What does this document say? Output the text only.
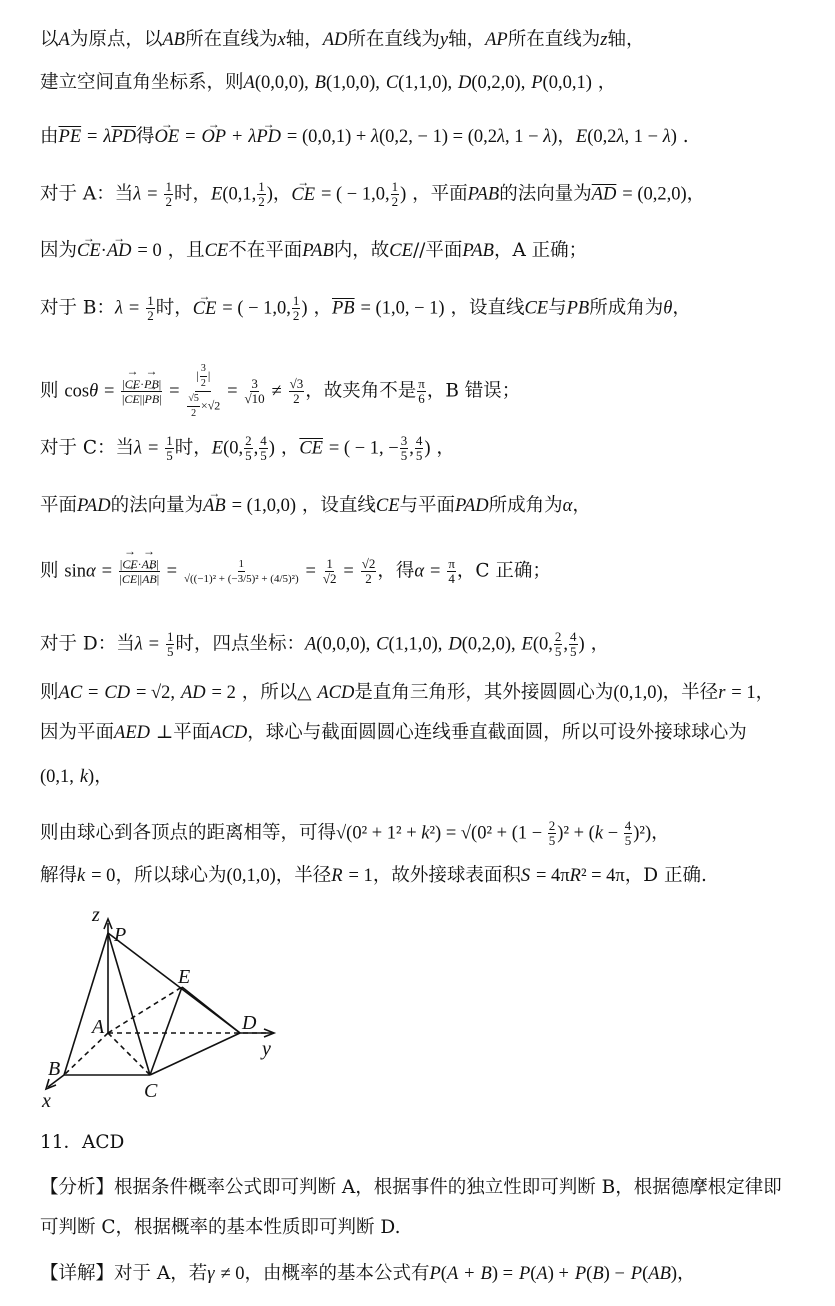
以A为原点，以AB所在直线为x轴，AD所在直线为y轴，AP所在直线为z轴，
建立空间直角坐标系，则A(0,0,0), B(1,0,0), C(1,1,0), D(0,2,0), P(0,0,1) ，
由$\overline{PE} = \lambda\overline{PD}$得→ OE = → OP + λ→ PD = (0,0,1) + λ(0,2, − 1) = (0,2λ, 1 − λ)，E(0,2λ, 1 − λ) .
对于 A：当$\lambda = \frac{1}{2}$ 时，E(0,1, $\frac{1}{2}$ )，→ CE = ( − 1,0, $\frac{1}{2}$ ) ，平面PAB的法向量为$\overline{AD} = (0,2,0)$，
因为→ CE·→ AD = 0 ，且CE不在平面PAB内，故CE//平面PAB，A 正确；
对于 B：$\lambda = \frac{1}{2}$ 时，→ CE = ( − 1,0, $\frac{1}{2}$ ) ，$\overline{PB} = (1,0$, − 1) ，设直线CE与PB所成角为θ，
则 $\cos\theta = \frac{|\to CE\cdot\to PB|}{|\to CE||\to PB|} = \frac{| \frac{3}{2} |}{\frac{√5}{2} \times√2} = \frac{3}{√10} \ne \frac{√3}{2}$ ，故夹角不是 $\frac{\pi}{6}$ ，B 错误；
对于 C：当$\lambda = \frac{1}{5}$ 时，E(0, $\frac{2}{5}$ , $\frac{4}{5}$ ) ，$\overline{CE}$ = ( − 1, − $\frac{3}{5}$ , $\frac{4}{5}$ ) ，
平面PAD的法向量为→ AB = (1,0,0) ，设直线CE与平面PAD所成角为α，
则 $\sin\alpha = \frac{|\to CE\cdot\to AB|}{|\to CE||\to AB|} = \frac{1}{\text{√((−1)² + (−3/5)² + (4/5)²)}} = \frac{1}{√2} = \frac{√2}{2}$ ，得$\alpha = \frac{\pi}{4}$ ，C 正确；
对于 D：当$\lambda = \frac{1}{5}$ 时，四点坐标：A(0,0,0), C(1,1,0), D(0,2,0), E(0, $\frac{2}{5}$ , $\frac{4}{5}$ ) ，
则AC = CD = √2, AD = 2 ，所以△ ACD是直角三角形，其外接圆圆心为(0,1,0)，半径r = 1，
因为平面AED ⊥平面ACD，球心与截面圆圆心连线垂直截面圆，所以可设外接球球心为
(0,1, k)，
则由球心到各顶点的距离相等，可得$√(0^2 + 1^2 + k^2) = √(0^2 + (1 - \frac{2}{5} )^2 + (k - \frac{4}{5} )^2)$，
解得k = 0，所以球心为(0,1,0)，半径R = 1，故外接球表面积S = 4πR² = 4π，D 正确.
z
P
E
A	D
y
B
C
x
11．ACD
【分析】根据条件概率公式即可判断 A，根据事件的独立性即可判断 B，根据德摩根定律即
可判断 C，根据概率的基本性质即可判断 D.
【详解】对于 A，若γ ≠ 0，由概率的基本公式有P(A + B) = P(A) + P(B) − P(AB)，
